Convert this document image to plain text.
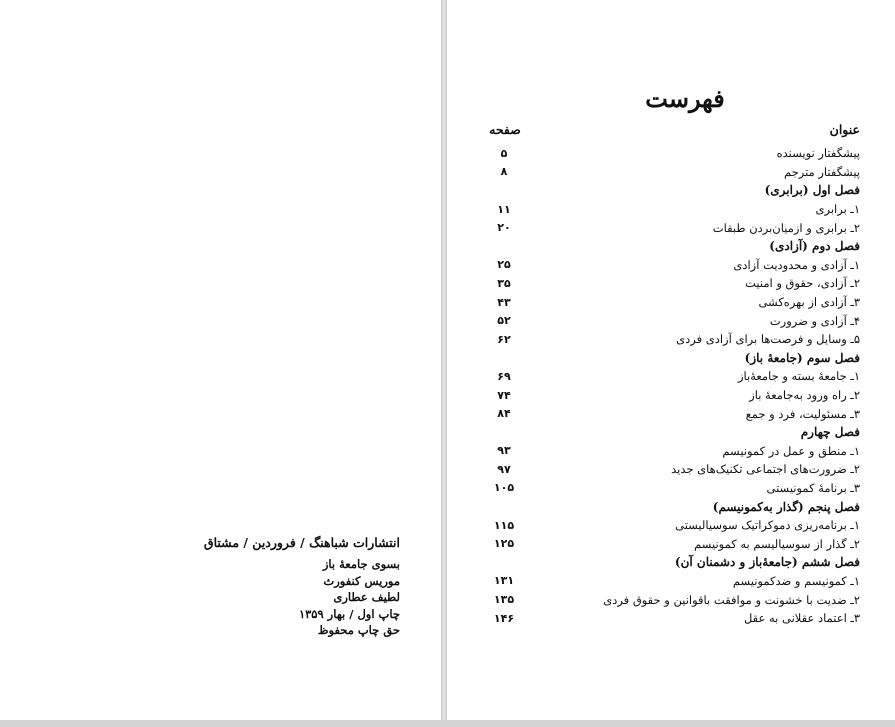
انتشارات شباهنگ / فروردین / مشتاق
بسوی جامعهٔ باز
موریس کنفورث
لطیف عطاری
چاپ اول / بهار ۱۳۵۹
حق چاپ محفوظ
فهرست
عنوان
صفحه
پیشگفتار نویسنده
۵
پیشگفتار مترجم
۸
فصل اول (برابری)
۱ـ برابری
۱۱
۲ـ برابری و ازمیان‌بردن طبقات
۲۰
فصل دوم (آزادی)
۱ـ آزادی و محدودیت آزادی
۲۵
۲ـ آزادی، حقوق و امنیت
۳۵
۳ـ آزادی از بهره‌کشی
۴۳
۴ـ آزادی و ضرورت
۵۲
۵ـ وسایل و فرصت‌ها برای آزادی فردی
۶۲
فصل سوم (جامعهٔ باز)
۱ـ جامعهٔ بسته و جامعهٔ‌باز
۶۹
۲ـ راه ورود به‌جامعهٔ باز
۷۴
۳ـ مسئولیت، فرد و جمع
۸۴
فصل چهارم
۱ـ منطق و عمل در کمونیسم
۹۳
۲ـ ضرورت‌های اجتماعی تکنیک‌های جدید
۹۷
۳ـ برنامهٔ کمونیستی
۱۰۵
فصل پنجم (گذار به‌کمونیسم)
۱ـ برنامه‌ریزی دموکراتیک سوسیالیستی
۱۱۵
۲ـ گذار از سوسیالیسم به کمونیسم
۱۲۵
فصل ششم (جامعهٔ‌باز و دشمنان آن)
۱ـ کمونیسم و ضدکمونیسم
۱۳۱
۲ـ ضدیت با خشونت و موافقت باقوانین و حقوق فردی
۱۳۵
۳ـ اعتماد عقلانی به عقل
۱۴۶
